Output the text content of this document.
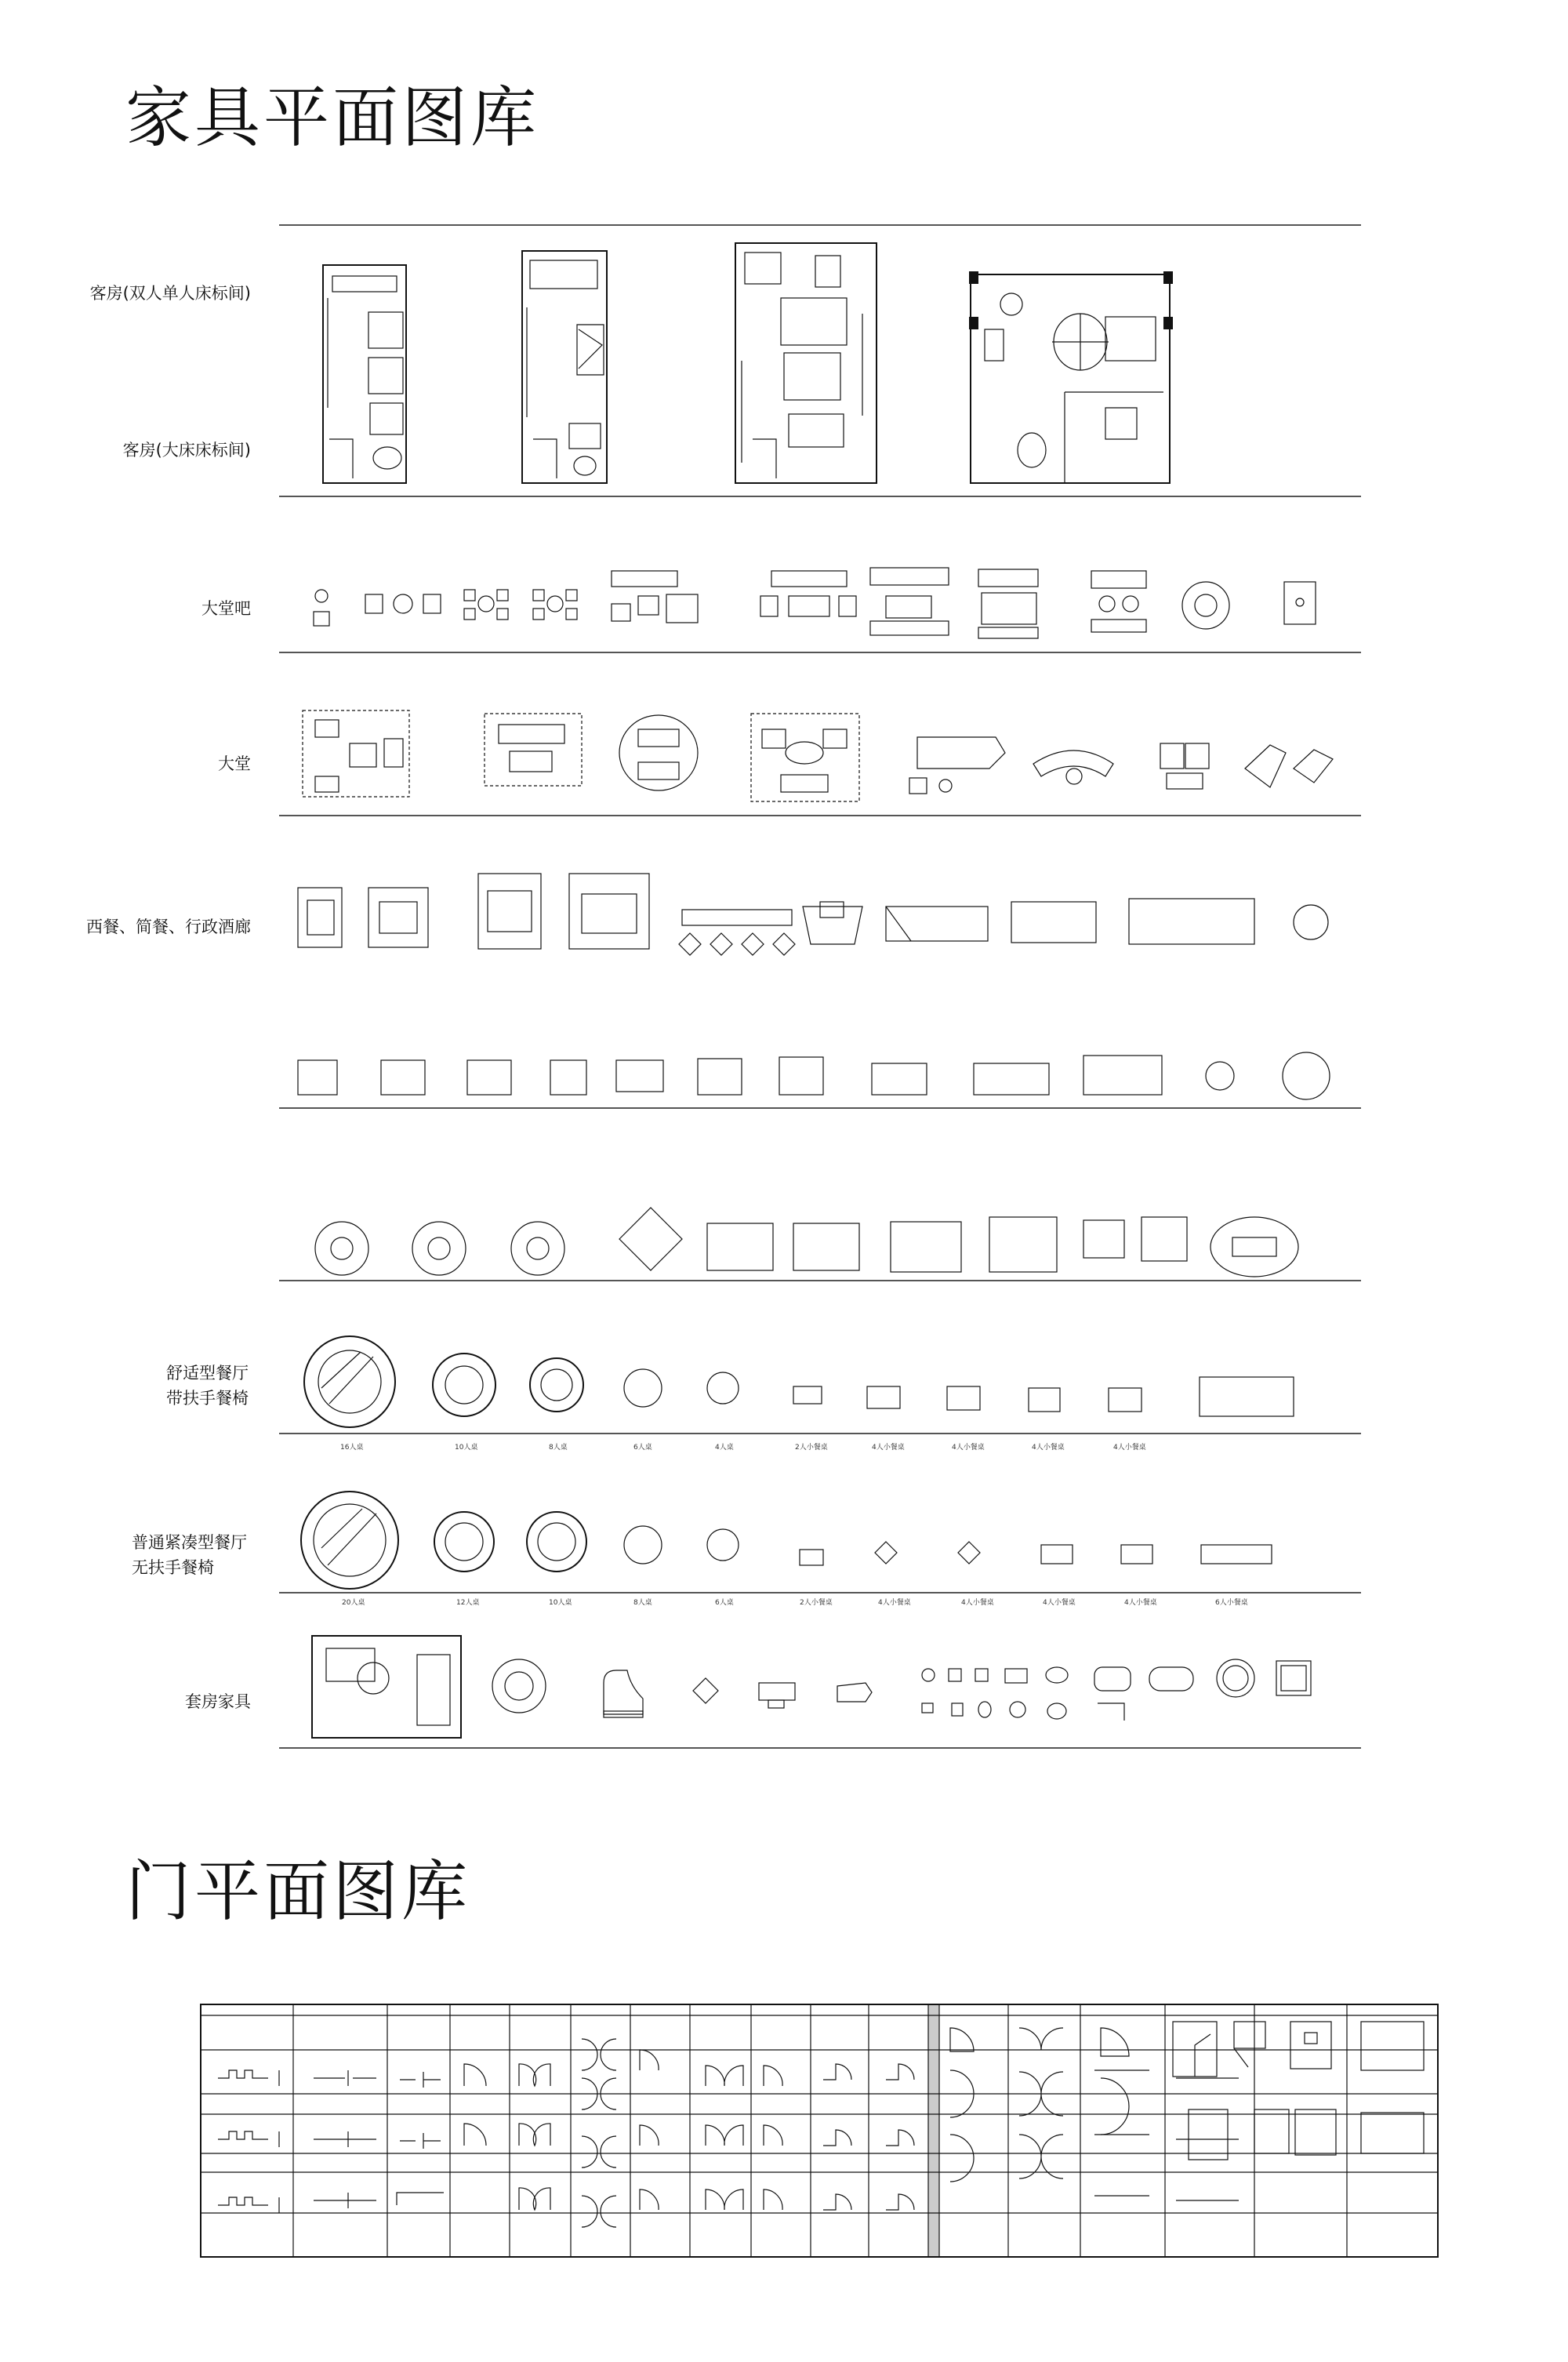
家具平面图库
客房(双人单人床标间)
客房(大床床标间)
大堂吧
大堂
西餐、简餐、行政酒廊
舒适型餐厅
带扶手餐椅
普通紧凑型餐厅
无扶手餐椅
套房家具
16人桌	10人桌	8人桌	6人桌	4人桌	2人小餐桌	4人小餐桌	4人小餐桌	4人小餐桌	4人小餐桌
20人桌	12人桌	10人桌	8人桌	6人桌	2人小餐桌	4人小餐桌	4人小餐桌	4人小餐桌	4人小餐桌	6人小餐桌
门平面图库
